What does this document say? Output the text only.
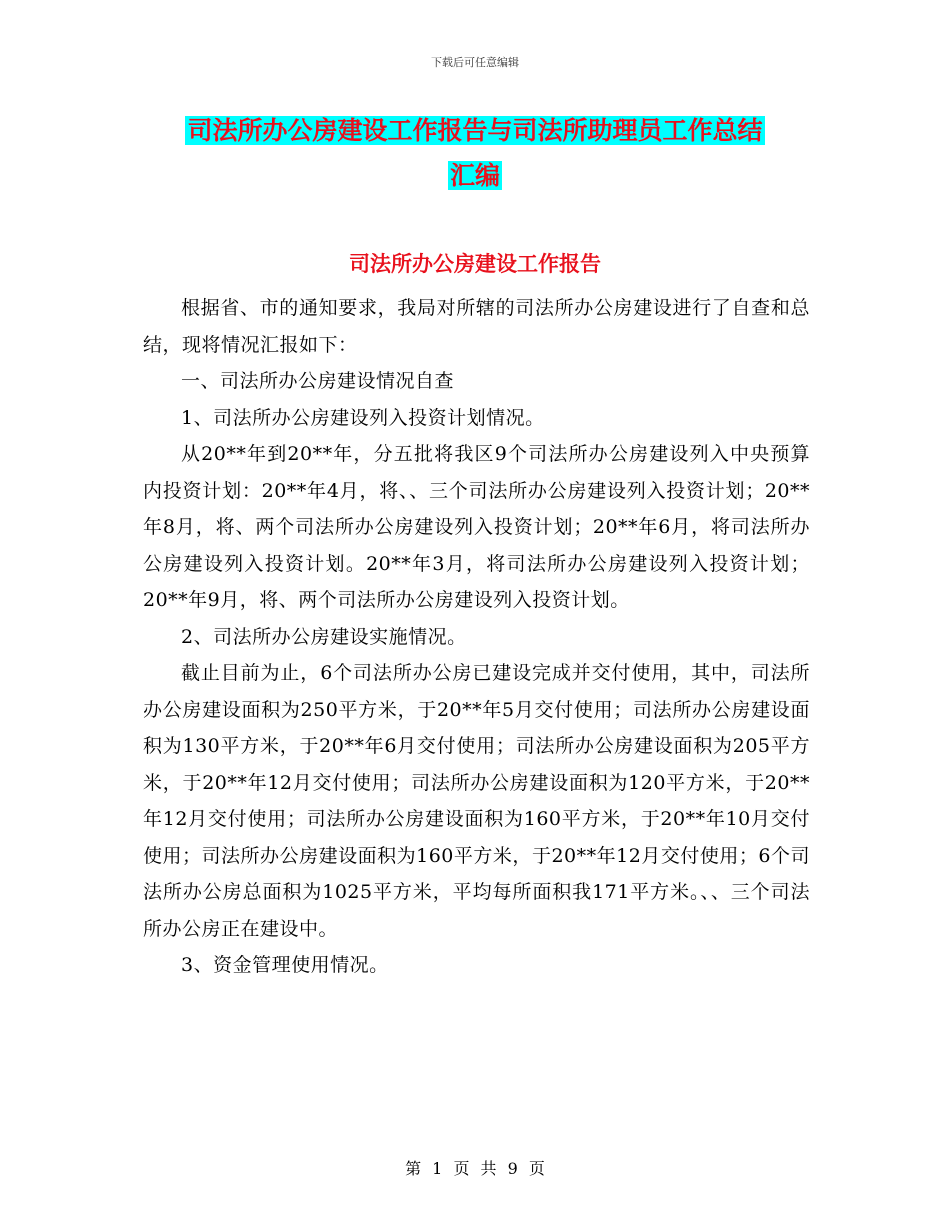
下载后可任意编辑
司法所办公房建设工作报告与司法所助理员工作总结
汇编
司法所办公房建设工作报告

根据省、市的通知要求，我局对所辖的司法所办公房建设进行了自查和总结，现将情况汇报如下：

一、司法所办公房建设情况自查

1、司法所办公房建设列入投资计划情况。

从20**年到20**年，分五批将我区9个司法所办公房建设列入中央预算内投资计划：20**年4月，将、、三个司法所办公房建设列入投资计划；20**年8月，将、两个司法所办公房建设列入投资计划；20**年6月，将司法所办公房建设列入投资计划。20**年3月，将司法所办公房建设列入投资计划；20**年9月，将、两个司法所办公房建设列入投资计划。

2、司法所办公房建设实施情况。

截止目前为止，6个司法所办公房已建设完成并交付使用，其中，司法所办公房建设面积为250平方米，于20**年5月交付使用；司法所办公房建设面积为130平方米，于20**年6月交付使用；司法所办公房建设面积为205平方米，于20**年12月交付使用；司法所办公房建设面积为120平方米，于20**年12月交付使用；司法所办公房建设面积为160平方米，于20**年10月交付使用；司法所办公房建设面积为160平方米，于20**年12月交付使用；6个司法所办公房总面积为1025平方米，平均每所面积我171平方米。、、三个司法所办公房正在建设中。

3、资金管理使用情况。

第 1 页 共 9 页
